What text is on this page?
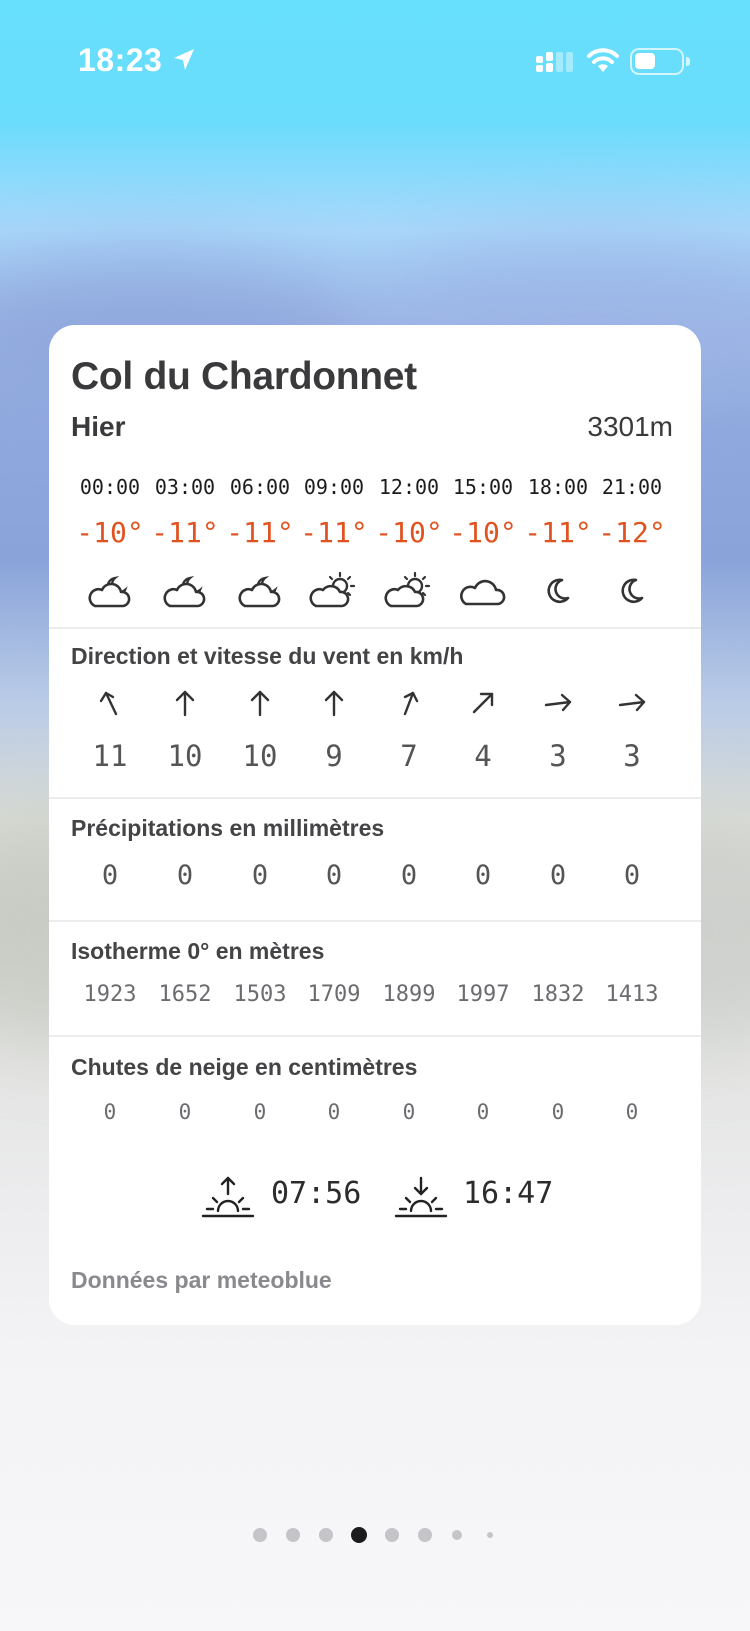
18:23
Col du Chardonnet
Hier	3301m
00:00 03:00 06:00 09:00 12:00 15:00 18:00 21:00
-10° -11° -11° -11° -10° -10° -11° -12°
Direction et vitesse du vent en km/h
11	10	10	9	7	4	3	3
Précipitations en millimètres
0	0	0	0	0	0	0	0
Isotherme 0° en mètres
1923	1652	1503 1709	1899 1997	1832 1413
Chutes de neige en centimètres
0	0	0	0	0	0	0	0
07:56	16:47
Données par meteoblue
